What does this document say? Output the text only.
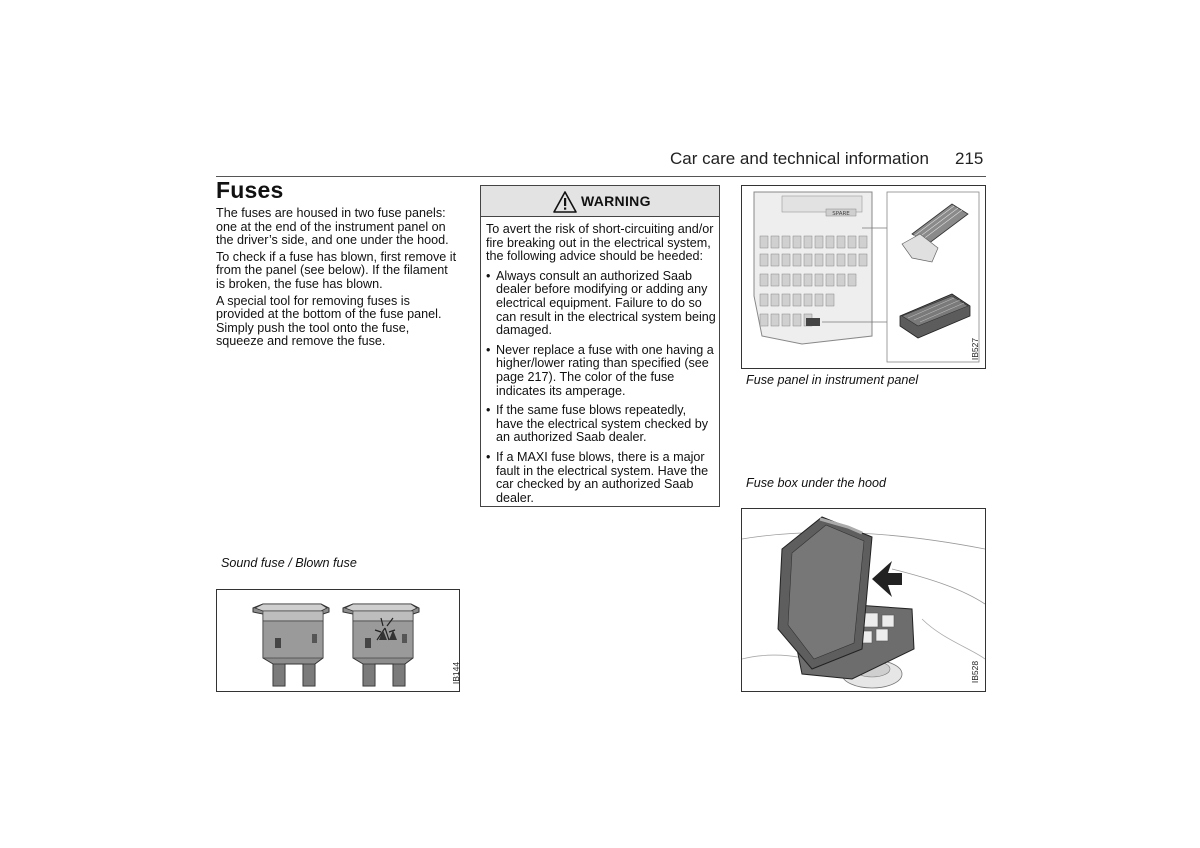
Car care and technical information 215
Fuses

The fuses are housed in two fuse panels: one at the end of the instrument panel on the driver’s side, and one under the hood.

To check if a fuse has blown, first remove it from the panel (see below). If the filament is broken, the fuse has blown.

A special tool for removing fuses is provided at the bottom of the fuse panel. Simply push the tool onto the fuse, squeeze and remove the fuse.

Sound fuse / Blown fuse
IB144
WARNING

To avert the risk of short-circuiting and/or fire breaking out in the electrical system, the following advice should be heeded:

• Always consult an authorized Saab dealer before modifying or adding any electrical equipment. Failure to do so can result in the electrical system being damaged.
• Never replace a fuse with one having a higher/lower rating than specified (see page 217). The color of the fuse indicates its amperage.
• If the same fuse blows repeatedly, have the electrical system checked by an authorized Saab dealer.
• If a MAXI fuse blows, there is a major fault in the electrical system. Have the car checked by an authorized Saab dealer.
SPARE
IB527
Fuse panel in instrument panel
Fuse box under the hood
IB528
